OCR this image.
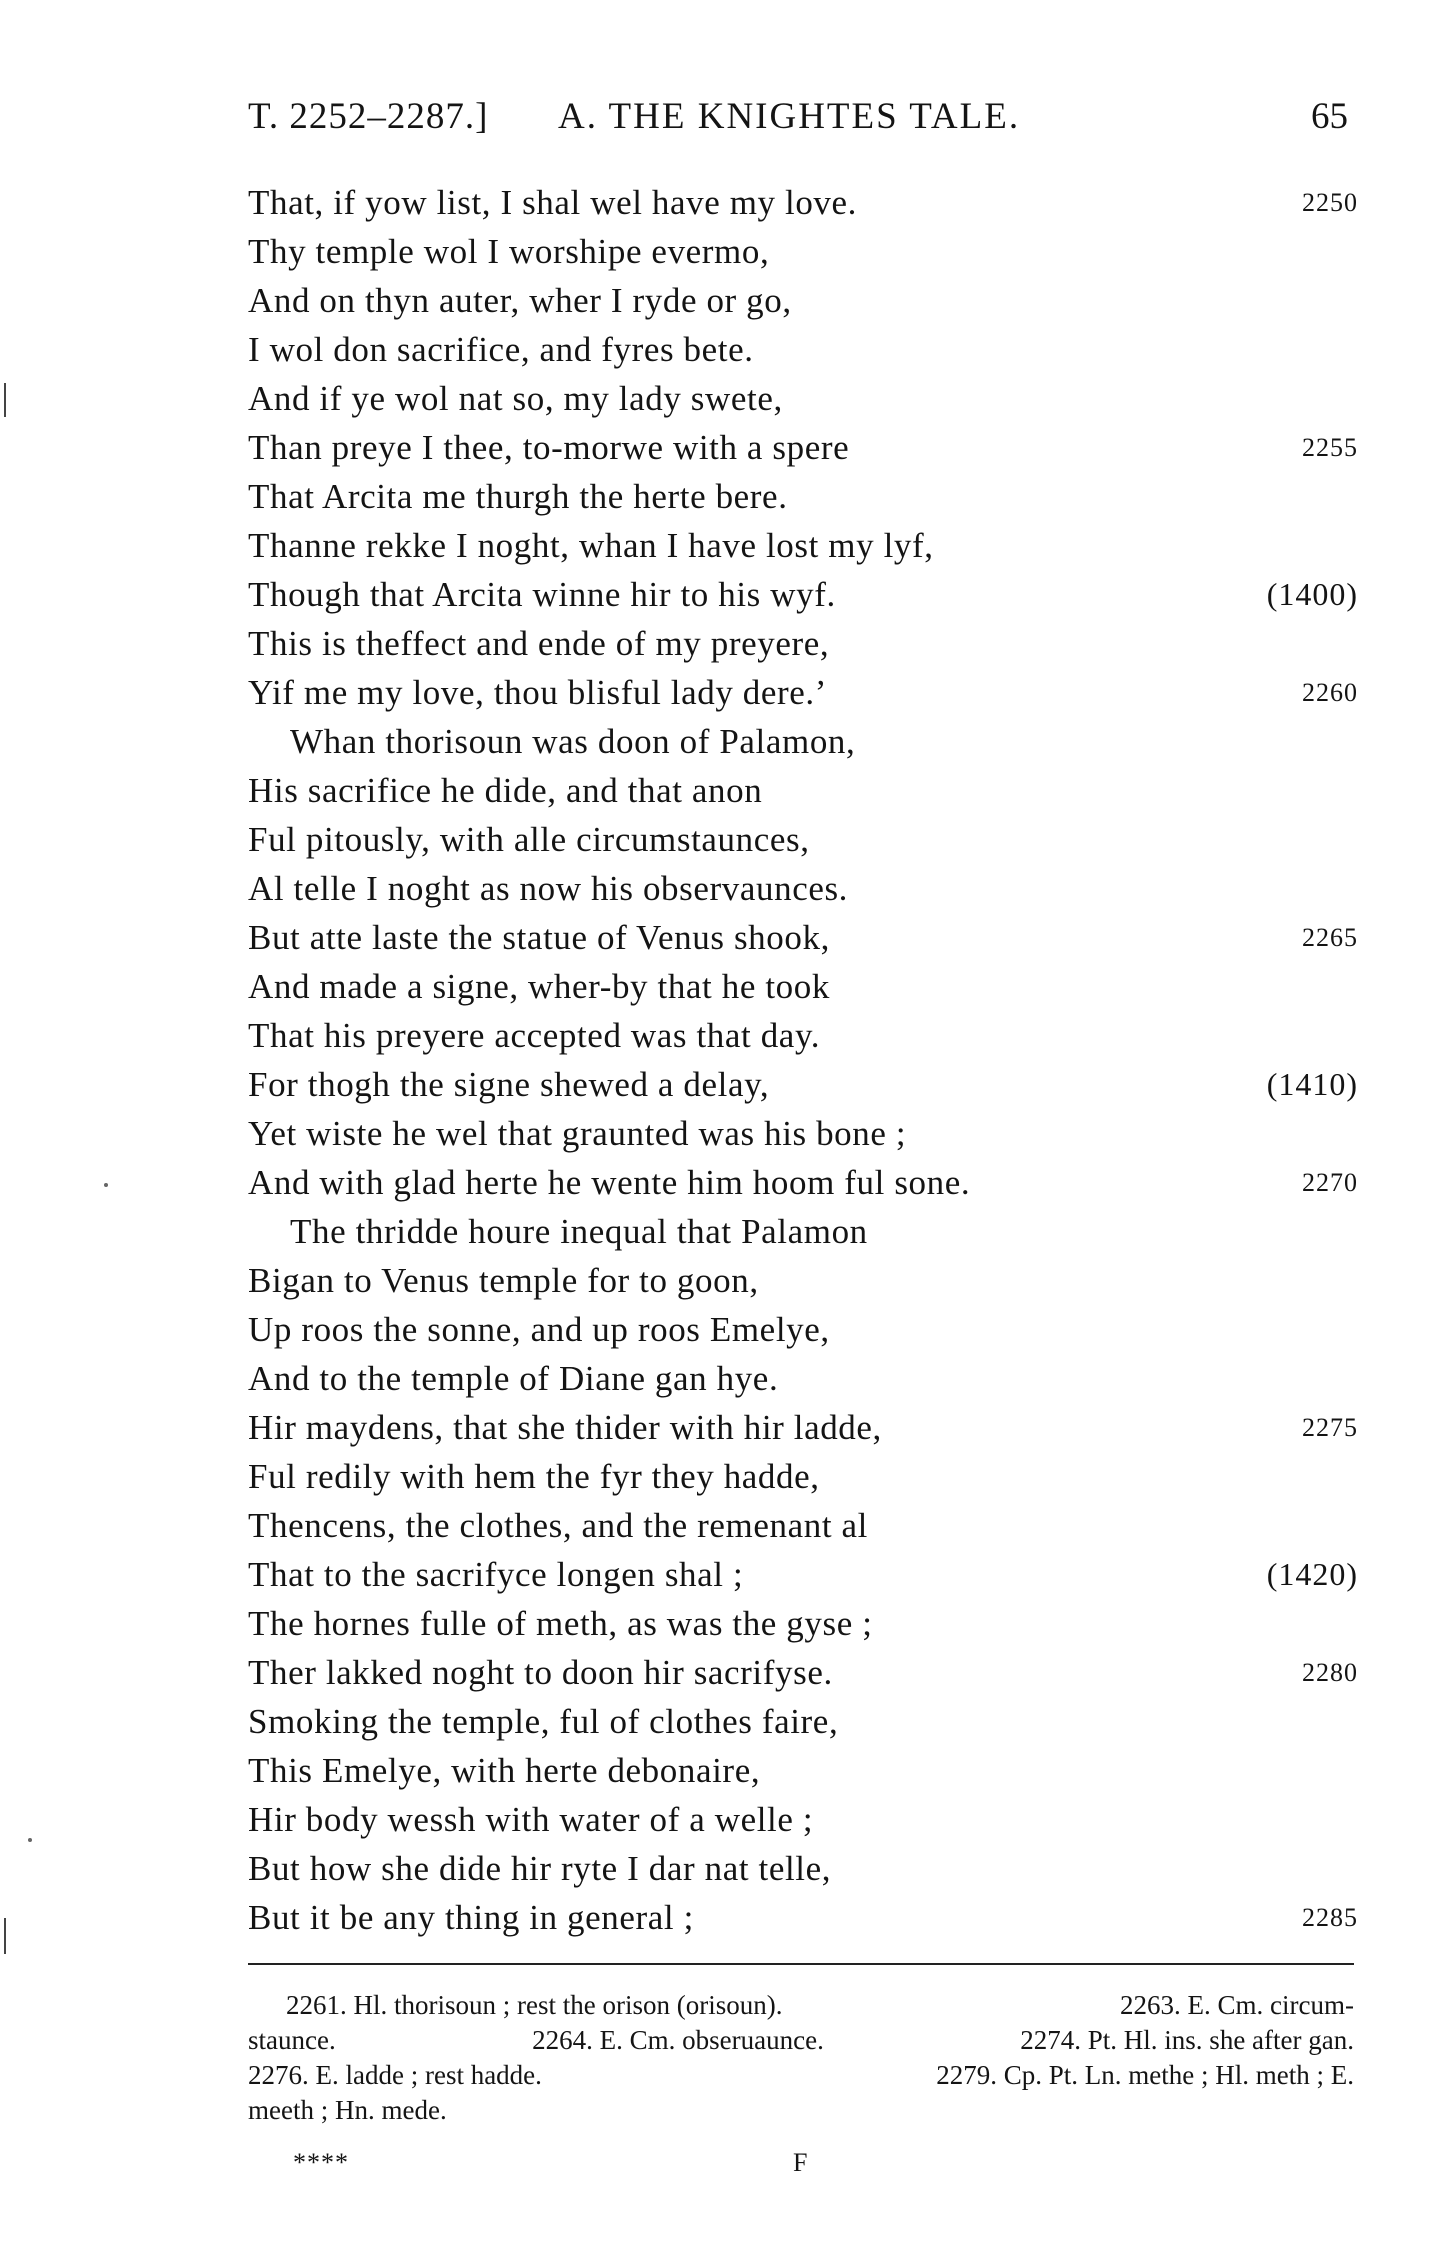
T. 2252–2287.] A. THE KNIGHTES TALE.	65
That, if yow list, I shal wel have my love.	2250
Thy temple wol I worshipe evermo,
And on thyn auter, wher I ryde or go,
I wol don sacrifice, and fyres bete.
And if ye wol nat so, my lady swete,
Than preye I thee, to-morwe with a spere	2255
That Arcita me thurgh the herte bere.
Thanne rekke I noght, whan I have lost my lyf,
Though that Arcita winne hir to his wyf.	(1400)
This is theffect and ende of my preyere,
Yif me my love, thou blisful lady dere.’	2260
Whan thorisoun was doon of Palamon,
His sacrifice he dide, and that anon
Ful pitously, with alle circumstaunces,
Al telle I noght as now his observaunces.
But atte laste the statue of Venus shook,	2265
And made a signe, wher-by that he took
That his preyere accepted was that day.
For thogh the signe shewed a delay,	(1410)
Yet wiste he wel that graunted was his bone ;
And with glad herte he wente him hoom ful sone.	2270
The thridde houre inequal that Palamon
Bigan to Venus temple for to goon,
Up roos the sonne, and up roos Emelye,
And to the temple of Diane gan hye.
Hir maydens, that she thider with hir ladde,	2275
Ful redily with hem the fyr they hadde,
Thencens, the clothes, and the remenant al
That to the sacrifyce longen shal ;	(1420)
The hornes fulle of meth, as was the gyse ;
Ther lakked noght to doon hir sacrifyse.	2280
Smoking the temple, ful of clothes faire,
This Emelye, with herte debonaire,
Hir body wessh with water of a welle ;
But how she dide hir ryte I dar nat telle,
But it be any thing in general ;	2285
2261. Hl. thorisoun ; rest the orison (orisoun).	2263. E. Cm. circum-
staunce.	2264. E. Cm. obseruaunce.	2274. Pt. Hl. ins. she after gan.
2276. E. ladde ; rest hadde.	2279. Cp. Pt. Ln. methe ; Hl. meth ; E.
meeth ; Hn. mede.
****	F
